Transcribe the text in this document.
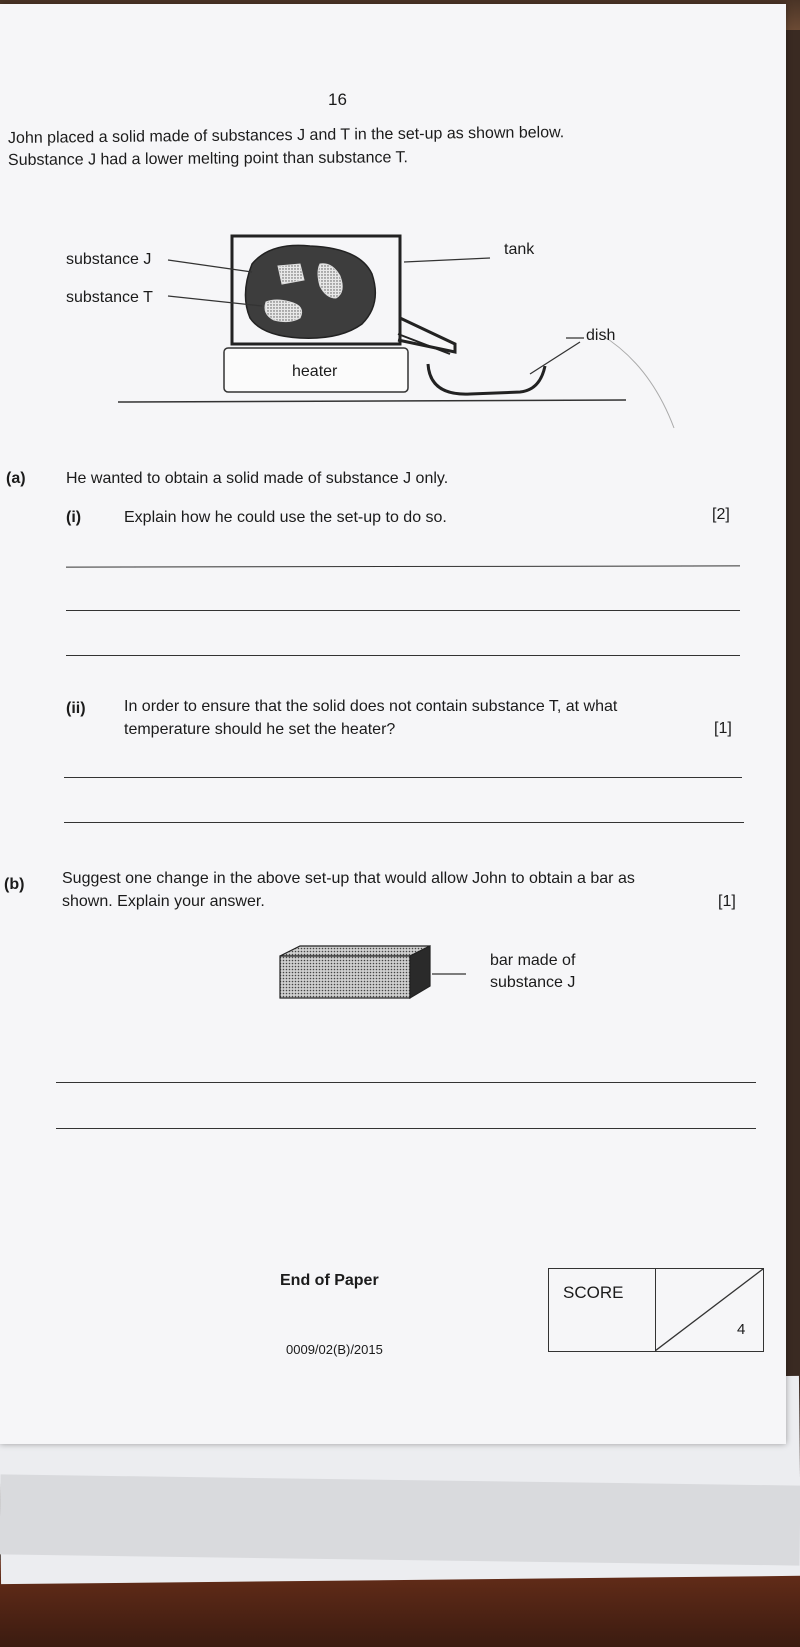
16
John placed a solid made of substances J and T in the set-up as shown below.
Substance J had a lower melting point than substance T.
substance J
substance T
tank
dish
heater
(a)	He wanted to obtain a solid made of substance J only.
(i)	Explain how he could use the set-up to do so.	[2]
(ii) In order to ensure that the solid does not contain substance T, at what
temperature should he set the heater?	[1]
(b) Suggest one change in the above set-up that would allow John to obtain a bar as
shown. Explain your answer.	[1]
bar made of
substance J
End of Paper
0009/02(B)/2015
SCORE
4
